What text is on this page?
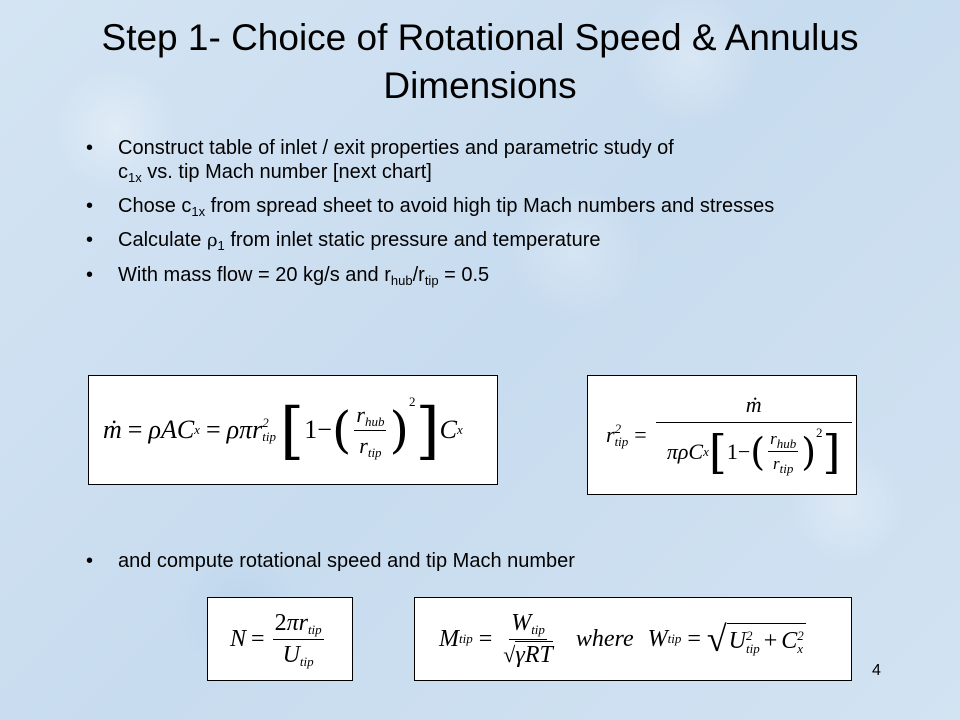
Step 1- Choice of Rotational Speed & Annulus
Dimensions
• Construct table of inlet / exit properties and parametric study of
$c_{1x}$ vs. tip Mach number [next chart]
• Chose $c_{1x}$ from spread sheet to avoid high tip Mach numbers and stresses
• Calculate $\rho_1$ from inlet static pressure and temperature
• With mass flow = 20 kg/s and $r_{hub}/r_{tip} = 0.5$
ṁ = ρ A C x = ρ π r 2
tip [ 1 − ( $\frac{r_{hub}}{r_{tip}} )^2$ ] C x	r 2
tip =
ṁ
π ρ C x [ 1 − ( $\frac{r_{hub}}{r_{tip}} )^2$ ]
• and compute rotational speed and tip Mach number
$N = \frac{2\pi r_{tip}}{U_{tip}}$	M tip = $\frac{W_{tip}}{\text{√γRT}}$ where W tip = √ U 2
tip + C 2
x
4
